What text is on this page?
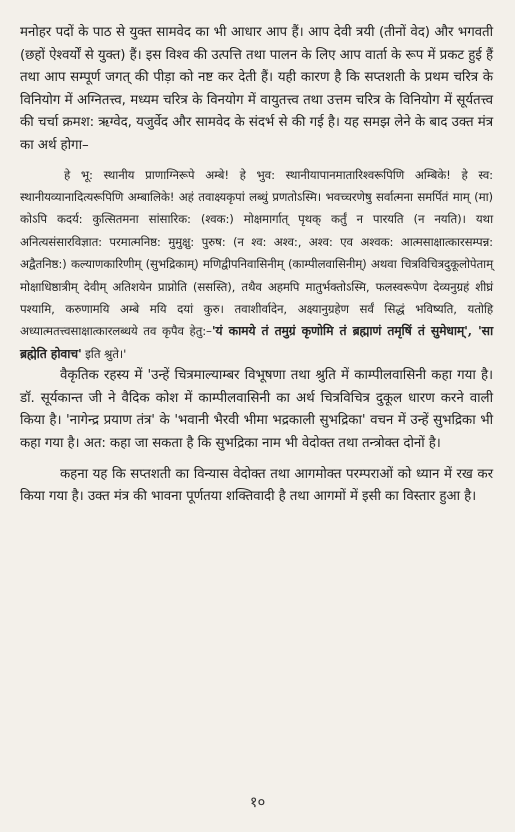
मनोहर पदों के पाठ से युक्त सामवेद का भी आधार आप हैं। आप देवी त्रयी (तीनों वेद) और भगवती (छहों ऐश्वर्यों से युक्त) हैं। इस विश्व की उत्पत्ति तथा पालन के लिए आप वार्ता के रूप में प्रकट हुई हैं तथा आप सम्पूर्ण जगत् की पीड़ा को नष्ट कर देती हैं। यही कारण है कि सप्तशती के प्रथम चरित्र के विनियोग में अग्नितत्त्व, मध्यम चरित्र के विनयोग में वायुतत्त्व तथा उत्तम चरित्र के विनियोग में सूर्यतत्त्व की चर्चा क्रमश: ऋग्वेद, यजुर्वेद और सामवेद के संदर्भ से की गई है। यह समझ लेने के बाद उक्त मंत्र का अर्थ होगा–

हे भू: स्थानीय प्राणाग्निरूपे अम्बे! हे भुव: स्थानीयापानमातारिश्वरूपिणि अम्बिके! हे स्व: स्थानीयव्यानादित्यरूपिणि अम्बालिके! अहं तवाक्ष्यकृपां लब्धुं प्रणतोऽस्मि। भवच्चरणेषु सर्वात्मना समर्पितं माम् (मा) कोऽपि कदर्य: कुत्सितमना सांसारिक: (श्वक:) मोक्षमार्गात् पृथक् कर्तुं न पारयति (न नयति)। यथा अनित्यसंसारविज्ञात: परमात्मनिष्ठ: मुमुक्षु: पुरुष: (न श्व: अश्व:, अश्व: एव अश्वक: आत्मसाक्षात्कारसम्पन्न: अद्वैतनिष्ठ:) कल्याणकारिणीम् (सुभद्रिकाम्) मणिद्वीपनिवासिनीम् (काम्पीलवासिनीम्) अथवा चित्रविचित्रदुकूलोपेताम् मोक्षाधिष्ठात्रीम् देवीम् अतिशयेन प्राप्नोति (ससस्ति), तथैव अहमपि मातुर्भक्तोऽस्मि, फलस्वरूपेण देव्यनुग्रहं शीघ्रं पश्यामि, करुणामयि अम्बे मयि दयां कुरु। तवाशीर्वादेन, अक्ष्यानुग्रहेण सर्वं सिद्धं भविष्यति, यतोहि अध्यात्मतत्त्वसाक्षात्कारलब्धये तव कृपैव हेतु:–'यं कामये तं तमुग्रं कृणोमि तं ब्रह्माणं तमृषिं तं सुमेधाम्', 'सा ब्रह्मेति होवाच' इति श्रुते।'

वैकृतिक रहस्य में 'उन्हें चित्रमाल्याम्बर विभूषणा तथा श्रुति में काम्पीलवासिनी कहा गया है। डॉ. सूर्यकान्त जी ने वैदिक कोश में काम्पीलवासिनी का अर्थ चित्रविचित्र दुकूल धारण करने वाली किया है। 'नागेन्द्र प्रयाण तंत्र' के 'भवानी भैरवी भीमा भद्रकाली सुभद्रिका' वचन में उन्हें सुभद्रिका भी कहा गया है। अत: कहा जा सकता है कि सुभद्रिका नाम भी वेदोक्त तथा तन्त्रोक्त दोनों है।

कहना यह कि सप्तशती का विन्यास वेदोक्त तथा आगमोक्त परम्पराओं को ध्यान में रख कर किया गया है। उक्त मंत्र की भावना पूर्णतया शक्तिवादी है तथा आगमों में इसी का विस्तार हुआ है।

१०
